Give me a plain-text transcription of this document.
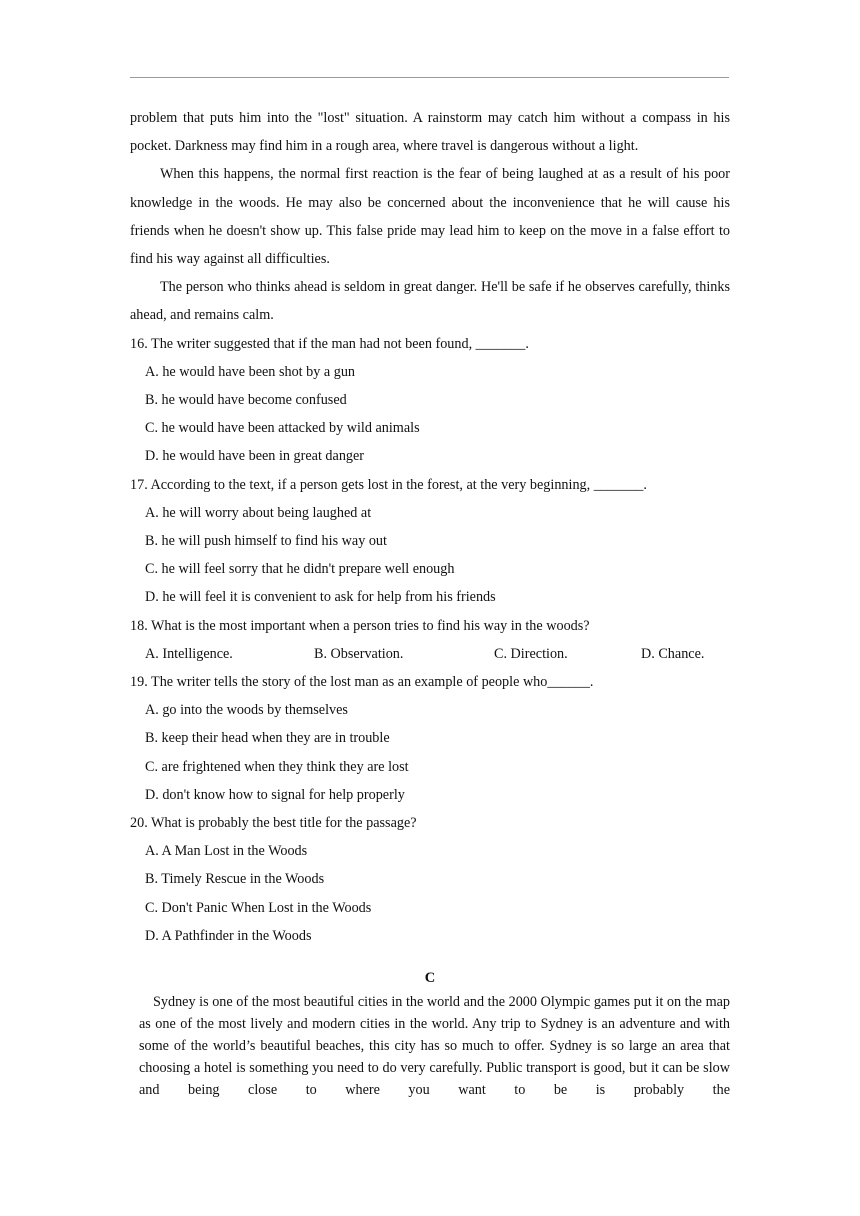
problem that puts him into the "lost" situation. A rainstorm may catch him without a compass in his pocket. Darkness may find him in a rough area, where travel is dangerous without a light.

When this happens, the normal first reaction is the fear of being laughed at as a result of his poor knowledge in the woods. He may also be concerned about the inconvenience that he will cause his friends when he doesn't show up. This false pride may lead him to keep on the move in a false effort to find his way against all difficulties.

The person who thinks ahead is seldom in great danger. He'll be safe if he observes carefully, thinks ahead, and remains calm.

16. The writer suggested that if the man had not been found, _______.

A. he would have been shot by a gun

B. he would have become confused

C. he would have been attacked by wild animals

D. he would have been in great danger

17. According to the text, if a person gets lost in the forest, at the very beginning, _______.

A. he will worry about being laughed at

B. he will push himself to find his way out

C. he will feel sorry that he didn't prepare well enough

D. he will feel it is convenient to ask for help from his friends

18. What is the most important when a person tries to find his way in the woods?

A. Intelligence.	B. Observation.	C. Direction.	D. Chance.

19. The writer tells the story of the lost man as an example of people who______.

A. go into the woods by themselves

B. keep their head when they are in trouble

C. are frightened when they think they are lost

D. don't know how to signal for help properly

20. What is probably the best title for the passage?

A. A Man Lost in the Woods

B. Timely Rescue in the Woods

C. Don't Panic When Lost in the Woods

D. A Pathfinder in the Woods

C

Sydney is one of the most beautiful cities in the world and the 2000 Olympic games put it on the map as one of the most lively and modern cities in the world. Any trip to Sydney is an adventure and with some of the world’s beautiful beaches, this city has so much to offer. Sydney is so large an area that choosing a hotel is something you need to do very carefully. Public transport is good, but it can be slow and being close to where you want to be is probably the
